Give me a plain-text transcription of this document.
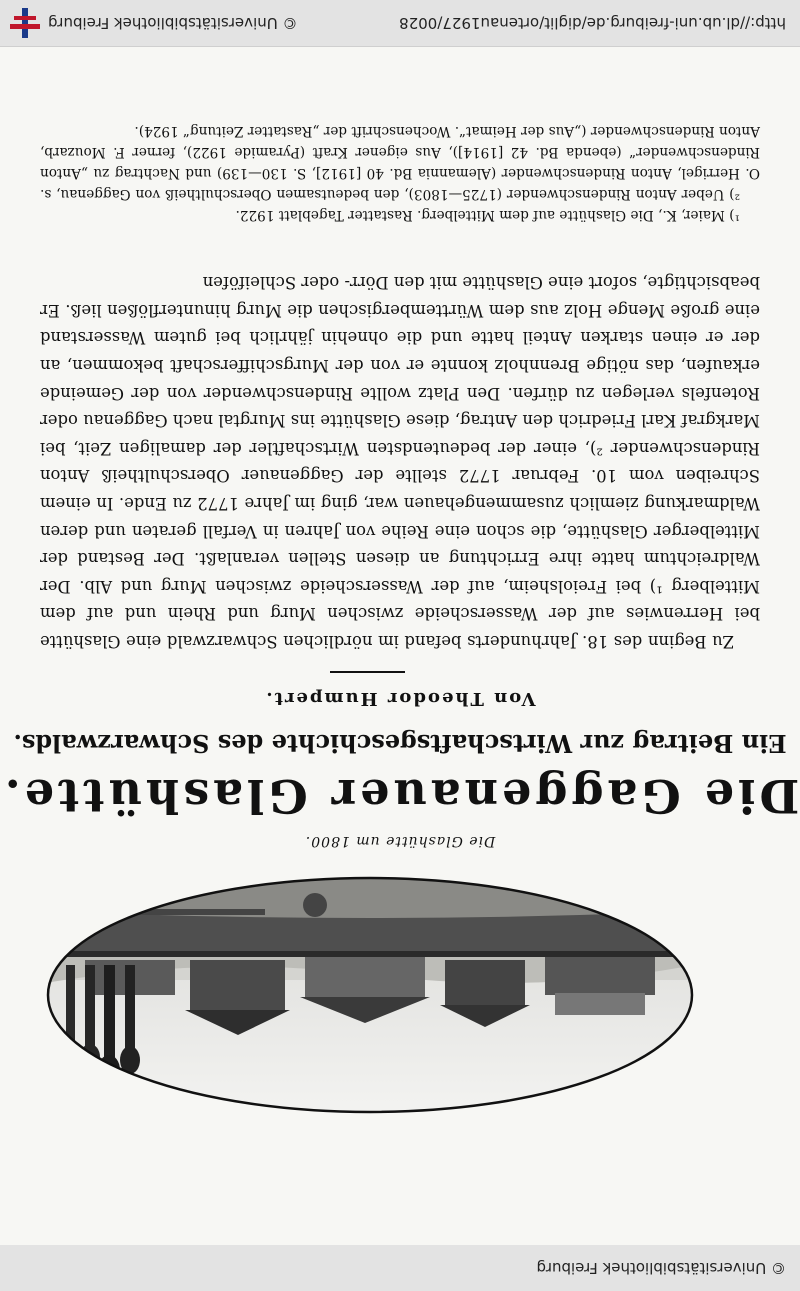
© Universitätsbibliothek Freiburg
Die Glashütte um 1800.
Die Gaggenauer Glashütte.
Ein Beitrag zur Wirtschaftsgeschichte des Schwarzwalds.
Von Theodor Humpert.

Zu Beginn des 18. Jahrhunderts befand im nördlichen Schwarzwald eine Glashütte bei Herrenwies auf der Wasserscheide zwischen Murg und Rhein und auf dem Mittelberg ¹) bei Freiolsheim, auf der Wasserscheide zwischen Murg und Alb. Der Waldreichtum hatte ihre Errichtung an diesen Stellen veranlaßt. Der Bestand der Mittelberger Glashütte, die schon eine Reihe von Jahren in Verfall geraten und deren Waldmarkung ziemlich zusammengehauen war, ging im Jahre 1772 zu Ende. In einem Schreiben vom 10. Februar 1772 stellte der Gaggenauer Oberschultheiß Anton Rindenschwender ²), einer der bedeutendsten Wirtschaftler der damaligen Zeit, bei Markgraf Karl Friedrich den Antrag, diese Glashütte ins Murgtal nach Gaggenau oder Rotenfels verlegen zu dürfen. Den Platz wollte Rindenschwender von der Gemeinde erkaufen, das nötige Brennholz konnte er von der Murgschifferschaft bekommen, an der er einen starken Anteil hatte und die ohnehin jährlich bei gutem Wasserstand eine große Menge Holz aus dem Württembergischen die Murg hinunterflößen ließ. Er beabsichtigte, sofort eine Glashütte mit den Dörr- oder Schleiföfen

¹) Maier, K., Die Glashütte auf dem Mittelberg. Rastatter Tageblatt 1922.

²) Ueber Anton Rindenschwender (1725—1803), den bedeutsamen Oberschultheiß von Gaggenau, s. O. Herrigel, Anton Rindenschwender (Alemannia Bd. 40 [1912], S. 130—139) und Nachtrag zu „Anton Rindenschwender“ (ebenda Bd. 42 [1914]), Aus eigener Kraft (Pyramide 1922), ferner F. Mouzarb, Anton Rindenschwender („Aus der Heimat“. Wochenschrift der „Rastatter Zeitung“ 1924).

http://dl.ub.uni-freiburg.de/diglit/ortenau1927/0028
© Universitätsbibliothek Freiburg
